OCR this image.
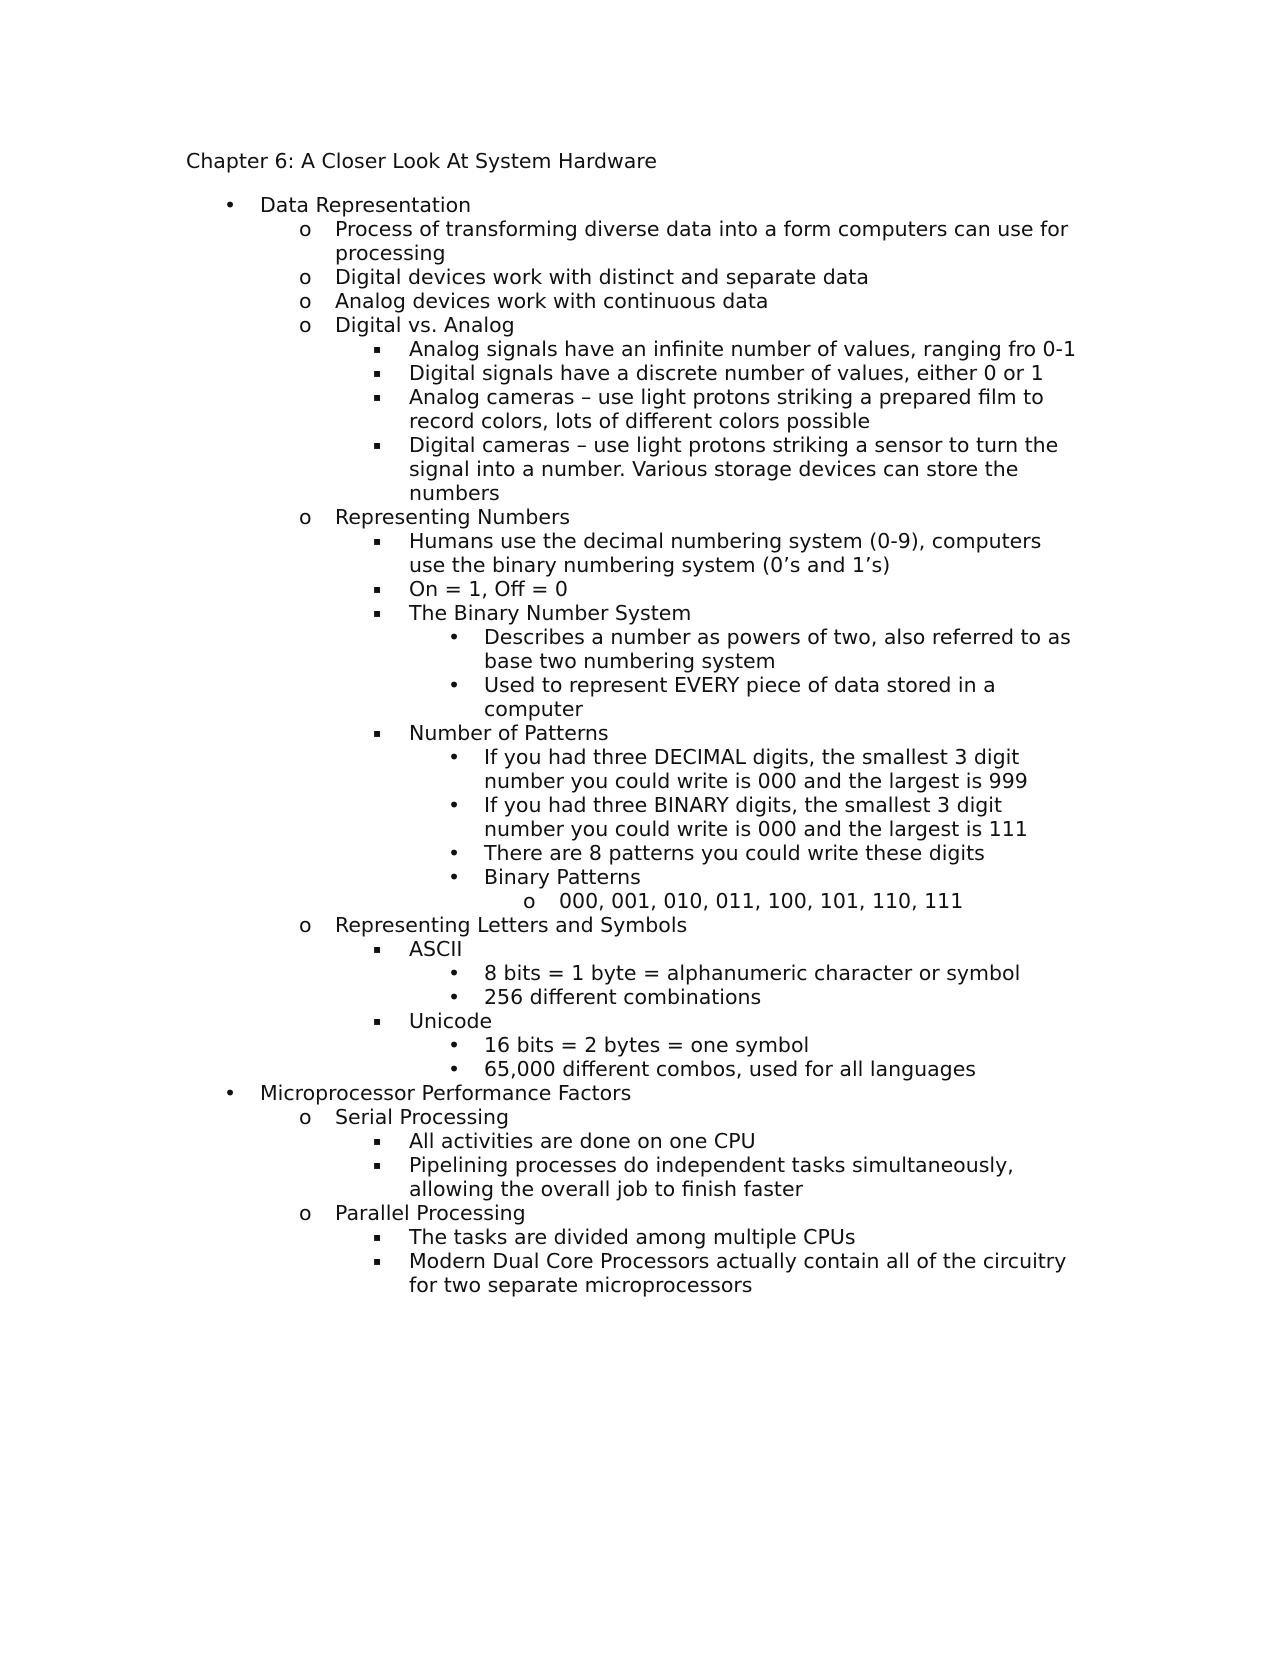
Chapter 6: A Closer Look At System Hardware
• Data Representation
o Process of transforming diverse data into a form computers can use for processing
o Digital devices work with distinct and separate data
o Analog devices work with continuous data
o Digital vs. Analog
▪ Analog signals have an infinite number of values, ranging fro 0-1
▪ Digital signals have a discrete number of values, either 0 or 1
▪ Analog cameras – use light protons striking a prepared film to record colors, lots of different colors possible
▪ Digital cameras – use light protons striking a sensor to turn the signal into a number. Various storage devices can store the numbers
o Representing Numbers
▪ Humans use the decimal numbering system (0-9), computers use the binary numbering system (0’s and 1’s)
▪ On = 1, Off = 0
▪ The Binary Number System
• Describes a number as powers of two, also referred to as base two numbering system
• Used to represent EVERY piece of data stored in a computer
▪ Number of Patterns
• If you had three DECIMAL digits, the smallest 3 digit number you could write is 000 and the largest is 999
• If you had three BINARY digits, the smallest 3 digit number you could write is 000 and the largest is 111
• There are 8 patterns you could write these digits
• Binary Patterns
o 000, 001, 010, 011, 100, 101, 110, 111
o Representing Letters and Symbols
▪ ASCII
• 8 bits = 1 byte = alphanumeric character or symbol
• 256 different combinations
▪ Unicode
• 16 bits = 2 bytes = one symbol
• 65,000 different combos, used for all languages
• Microprocessor Performance Factors
o Serial Processing
▪ All activities are done on one CPU
▪ Pipelining processes do independent tasks simultaneously, allowing the overall job to finish faster
o Parallel Processing
▪ The tasks are divided among multiple CPUs
▪ Modern Dual Core Processors actually contain all of the circuitry for two separate microprocessors
